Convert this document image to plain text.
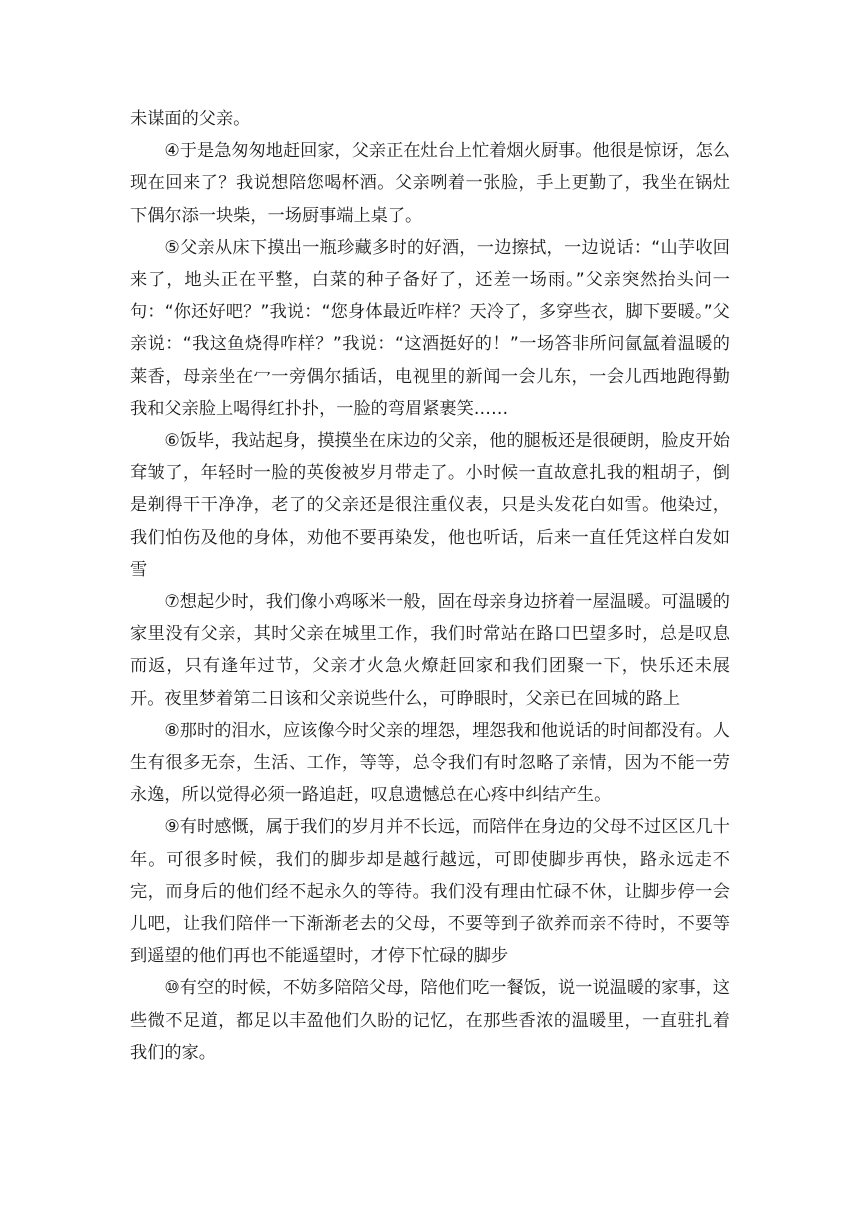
未谋面的父亲。

④于是急匆匆地赶回家，父亲正在灶台上忙着烟火厨事。他很是惊讶，怎么现在回来了？我说想陪您喝杯酒。父亲咧着一张脸，手上更勤了，我坐在锅灶下偶尔添一块柴，一场厨事端上桌了。

⑤父亲从床下摸出一瓶珍藏多时的好酒，一边擦拭，一边说话：“山芋收回来了，地头正在平整，白菜的种子备好了，还差一场雨。”父亲突然抬头问一句：“你还好吧？”我说：“您身体最近咋样？天冷了，多穿些衣，脚下要暖。”父亲说：“我这鱼烧得咋样？”我说：“这酒挺好的！”一场答非所问氤氲着温暖的莱香，母亲坐在冖一旁偶尔插话，电视里的新闻一会儿东，一会儿西地跑得勤我和父亲脸上喝得红扑扑，一脸的弯眉紧裹笑……

⑥饭毕，我站起身，摸摸坐在床边的父亲，他的腿板还是很硬朗，脸皮开始耷皱了，年轻时一脸的英俊被岁月带走了。小时候一直故意扎我的粗胡子，倒是剃得干干净净，老了的父亲还是很注重仪表，只是头发花白如雪。他染过，我们怕伤及他的身体，劝他不要再染发，他也听话，后来一直任凭这样白发如雪

⑦想起少时，我们像小鸡啄米一般，固在母亲身边挤着一屋温暖。可温暖的家里没有父亲，其时父亲在城里工作，我们时常站在路口巴望多时，总是叹息而返，只有逢年过节，父亲才火急火燎赶回家和我们团聚一下，快乐还未展开。夜里梦着第二日该和父亲说些什么，可睁眼时，父亲已在回城的路上

⑧那时的泪水，应该像今时父亲的埋怨，埋怨我和他说话的时间都没有。人生有很多无奈，生活、工作，等等，总令我们有时忽略了亲情，因为不能一劳永逸，所以觉得必须一路追赶，叹息遗憾总在心疼中纠结产生。

⑨有时感慨，属于我们的岁月并不长远，而陪伴在身边的父母不过区区几十年。可很多时候，我们的脚步却是越行越远，可即使脚步再快，路永远走不完，而身后的他们经不起永久的等待。我们没有理由忙碌不休，让脚步停一会儿吧，让我们陪伴一下渐渐老去的父母，不要等到子欲养而亲不待时，不要等到遥望的他们再也不能遥望时，才停下忙碌的脚步

⑩有空的时候，不妨多陪陪父母，陪他们吃一餐饭，说一说温暖的家事，这些微不足道，都足以丰盈他们久盼的记忆，在那些香浓的温暖里，一直驻扎着我们的家。
